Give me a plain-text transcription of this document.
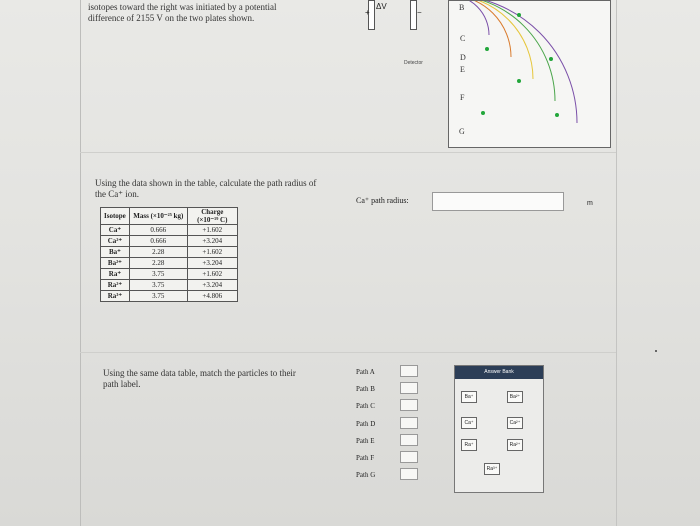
isotopes toward the right was initiated by a potential
difference of 2155 V on the two plates shown.
+
ΔV
−
Detector
B
C
D
E
F
G
Using the data shown in the table, calculate the path radius of
the Ca⁺ ion.
Isotope	Mass (×10⁻²⁵ kg)	Charge (×10⁻¹⁹ C)
Ca⁺	0.666	+1.602
Ca²⁺	0.666	+3.204
Ba⁺	2.28	+1.602
Ba²⁺	2.28	+3.204
Ra⁺	3.75	+1.602
Ra²⁺	3.75	+3.204
Ra³⁺	3.75	+4.806
Ca⁺ path radius:	m
Using the same data table, match the particles to their
path label.
Path A
Path B
Path C
Path D
Path E
Path F
Path G
Answer Bank
Ba⁺	Ba²⁺
Ca⁺	Ca²⁺
Ra⁺	Ra²⁺
Ra³⁺
